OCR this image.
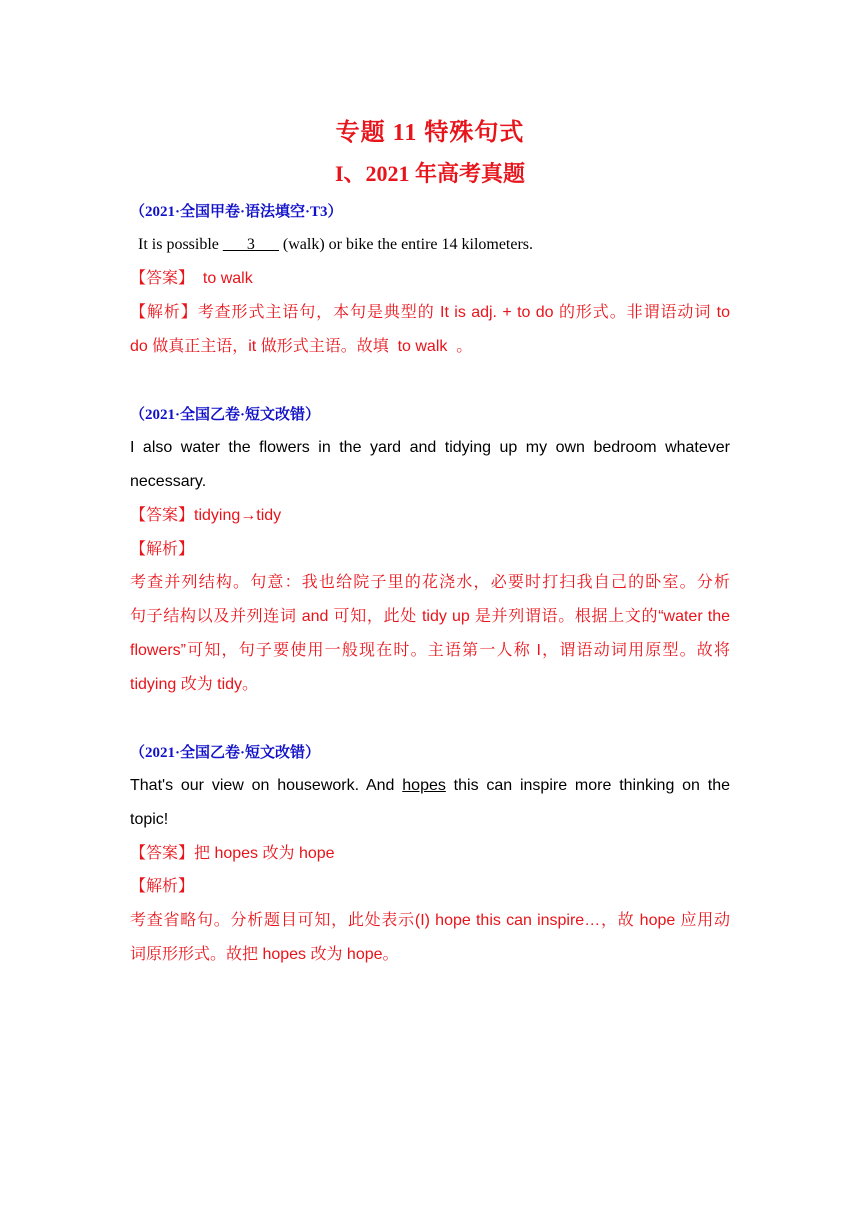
专题 11 特殊句式
I、2021 年高考真题
（2021·全国甲卷·语法填空·T3）
It is possible ___3___ (walk) or bike the entire 14 kilometers.
【答案】  to walk
【解析】考查形式主语句，本句是典型的 It is adj. + to do 的形式。非谓语动词 to
do 做真正主语，it 做形式主语。故填  to walk  。
（2021·全国乙卷·短文改错）
I also water the flowers in the yard and tidying up my own bedroom whatever
necessary.
【答案】tidying→tidy
【解析】
考查并列结构。句意：我也给院子里的花浇水，必要时打扫我自己的卧室。分析
句子结构以及并列连词 and 可知，此处 tidy up 是并列谓语。根据上文的“water the
flowers”可知，句子要使用一般现在时。主语第一人称 I，谓语动词用原型。故将
tidying 改为 tidy。
（2021·全国乙卷·短文改错）
That's our view on housework. And hopes this can inspire more thinking on the
topic!
【答案】把 hopes 改为 hope
【解析】
考查省略句。分析题目可知，此处表示(I) hope this can inspire…，故 hope 应用动
词原形形式。故把 hopes 改为 hope。
